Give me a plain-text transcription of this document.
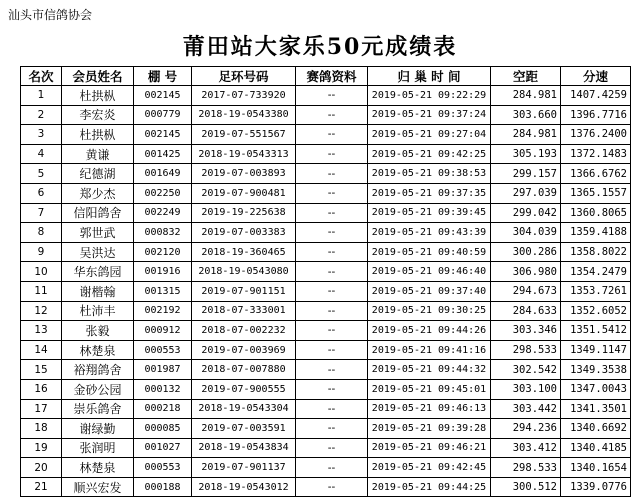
汕头市信鸽协会
莆田站大家乐50元成绩表
名次	会员姓名	棚 号	足环号码	赛鸽资料	归 巢 时 间	空距	分速
1	杜拱枞	002145	2017-07-733920	--	2019-05-21 09:22:29	284.981	1407.4259
2	李宏炎	000779	2018-19-0543380	--	2019-05-21 09:37:24	303.660	1396.7716
3	杜拱枞	002145	2019-07-551567	--	2019-05-21 09:27:04	284.981	1376.2400
4	黄谦	001425	2018-19-0543313	--	2019-05-21 09:42:25	305.193	1372.1483
5	纪德湖	001649	2019-07-003893	--	2019-05-21 09:38:53	299.157	1366.6762
6	郑少杰	002250	2019-07-900481	--	2019-05-21 09:37:35	297.039	1365.1557
7	信阳鸽舍	002249	2019-19-225638	--	2019-05-21 09:39:45	299.042	1360.8065
8	郭世武	000832	2019-07-003383	--	2019-05-21 09:43:39	304.039	1359.4188
9	吴洪达	002120	2018-19-360465	--	2019-05-21 09:40:59	300.286	1358.8022
10	华东鸽园	001916	2018-19-0543080	--	2019-05-21 09:46:40	306.980	1354.2479
11	谢楷翰	001315	2019-07-901151	--	2019-05-21 09:37:40	294.673	1353.7261
12	杜沛丰	002192	2018-07-333001	--	2019-05-21 09:30:25	284.633	1352.6052
13	张毅	000912	2018-07-002232	--	2019-05-21 09:44:26	303.346	1351.5412
14	林楚泉	000553	2019-07-003969	--	2019-05-21 09:41:16	298.533	1349.1147
15	裕翔鸽舍	001987	2018-07-007880	--	2019-05-21 09:44:32	302.542	1349.3538
16	金砂公园	000132	2019-07-900555	--	2019-05-21 09:45:01	303.100	1347.0043
17	崇乐鸽舍	000218	2018-19-0543304	--	2019-05-21 09:46:13	303.442	1341.3501
18	谢绿勤	000085	2019-07-003591	--	2019-05-21 09:39:28	294.236	1340.6692
19	张润明	001027	2018-19-0543834	--	2019-05-21 09:46:21	303.412	1340.4185
20	林楚泉	000553	2019-07-901137	--	2019-05-21 09:42:45	298.533	1340.1654
21	顺兴宏发	000188	2018-19-0543012	--	2019-05-21 09:44:25	300.512	1339.0776
